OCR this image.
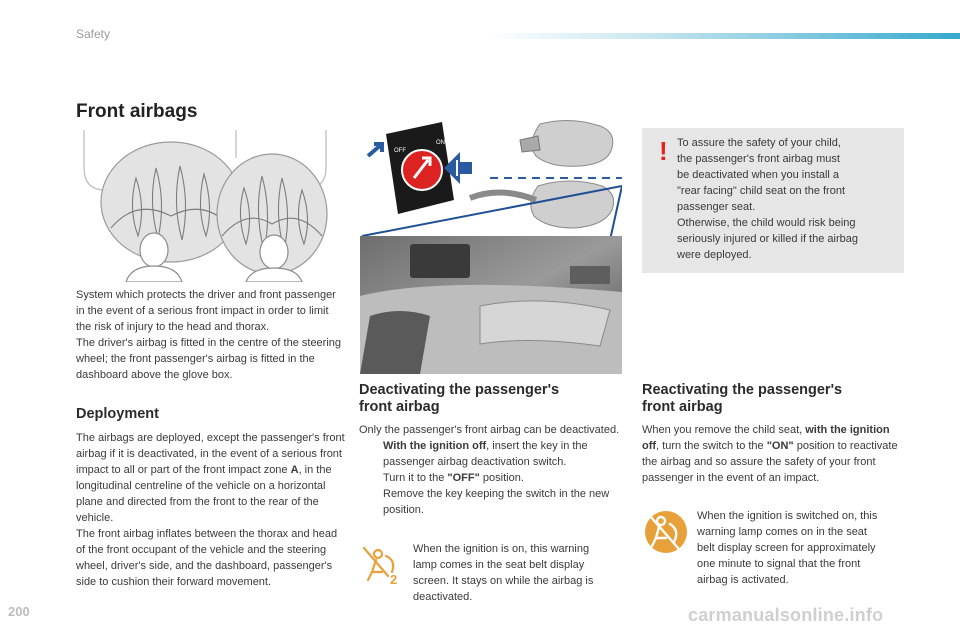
Safety
Front airbags

System which protects the driver and front passenger in the event of a serious front impact in order to limit the risk of injury to the head and thorax.

The driver's airbag is fitted in the centre of the steering wheel; the front passenger's airbag is fitted in the dashboard above the glove box.

Deployment

The airbags are deployed, except the passenger's front airbag if it is deactivated, in the event of a serious front impact to all or part of the front impact zone A, in the longitudinal centreline of the vehicle on a horizontal plane and directed from the front to the rear of the vehicle.

The front airbag inflates between the thorax and head of the front occupant of the vehicle and the steering wheel, driver's side, and the dashboard, passenger's side to cushion their forward movement.

OFF
ON	! To assure the safety of your child,
the passenger's front airbag must
be deactivated when you install a
"rear facing" child seat on the front
passenger seat.
Otherwise, the child would risk being
seriously injured or killed if the airbag
were deployed.
Deactivating the passenger's
front airbag

Only the passenger's front airbag can be deactivated.

With the ignition off, insert the key in the passenger airbag deactivation switch.
Turn it to the "OFF" position.
Remove the key keeping the switch in the new position.
2
When the ignition is on, this warning
lamp comes in the seat belt display
screen. It stays on while the airbag is
deactivated.
Reactivating the passenger's
front airbag

When you remove the child seat, with the ignition off, turn the switch to the "ON" position to reactivate the airbag and so assure the safety of your front passenger in the event of an impact.

When the ignition is switched on, this
warning lamp comes on in the seat
belt display screen for approximately
one minute to signal that the front
airbag is activated.
200	carmanualsonline.info
